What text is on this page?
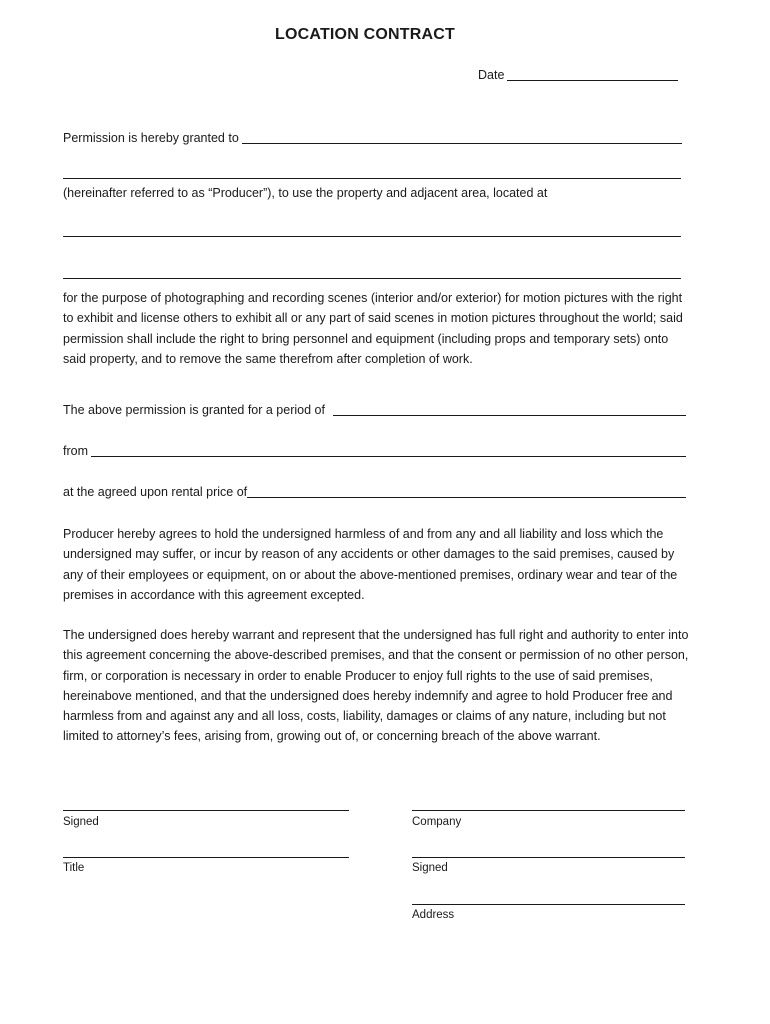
LOCATION CONTRACT
Date
Permission is hereby granted to
(hereinafter referred to as “Producer”), to use the property and adjacent area, located at
for the purpose of photographing and recording scenes (interior and/or exterior) for motion pictures with the right to exhibit and license others to exhibit all or any part of said scenes in motion pictures throughout the world; said permission shall include the right to bring personnel and equipment (including props and temporary sets) onto said property, and to remove the same therefrom after completion of work.
The above permission is granted for a period of
from
at the agreed upon rental price of
Producer hereby agrees to hold the undersigned harmless of and from any and all liability and loss which the undersigned may suffer, or incur by reason of any accidents or other damages to the said premises, caused by any of their employees or equipment, on or about the above-mentioned premises, ordinary wear and tear of the premises in accordance with this agreement excepted.
The undersigned does hereby warrant and represent that the undersigned has full right and authority to enter into this agreement concerning the above-described premises, and that the consent or permission of no other person, firm, or corporation is necessary in order to enable Producer to enjoy full rights to the use of said premises, hereinabove mentioned, and that the undersigned does hereby indemnify and agree to hold Producer free and harmless from and against any and all loss, costs, liability, damages or claims of any nature, including but not limited to attorney’s fees, arising from, growing out of, or concerning breach of the above warrant.
Signed
Title
Company
Signed
Address
